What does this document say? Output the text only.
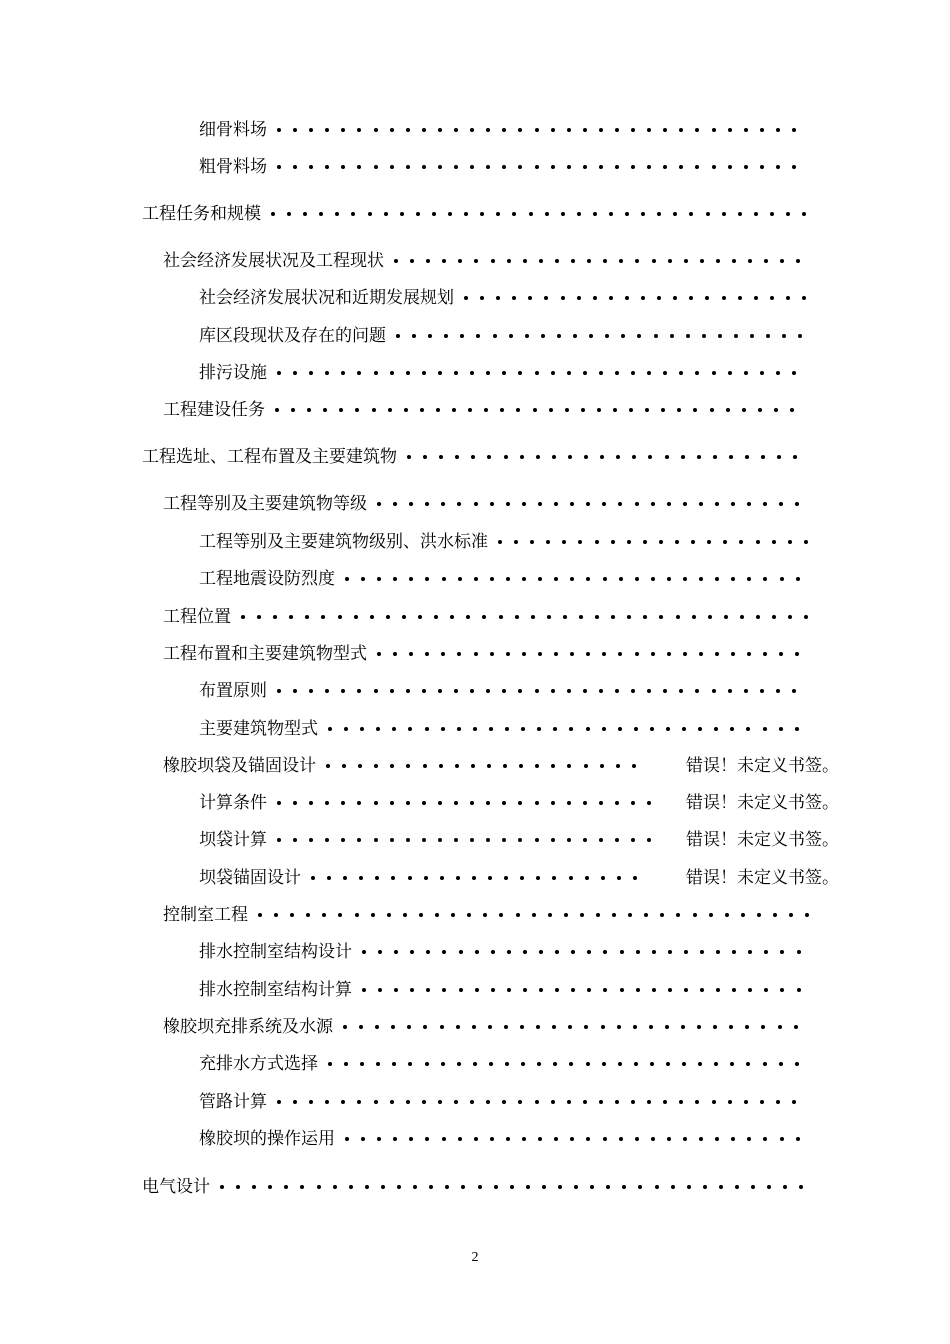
细骨料场
粗骨料场
工程任务和规模
社会经济发展状况及工程现状
社会经济发展状况和近期发展规划
库区段现状及存在的问题
排污设施
工程建设任务
工程选址、工程布置及主要建筑物
工程等别及主要建筑物等级
工程等别及主要建筑物级别、洪水标准
工程地震设防烈度
工程位置
工程布置和主要建筑物型式
布置原则
主要建筑物型式
橡胶坝袋及锚固设计	错误！未定义书签。
计算条件	错误！未定义书签。
坝袋计算	错误！未定义书签。
坝袋锚固设计	错误！未定义书签。
控制室工程
排水控制室结构设计
排水控制室结构计算
橡胶坝充排系统及水源
充排水方式选择
管路计算
橡胶坝的操作运用
电气设计
2
